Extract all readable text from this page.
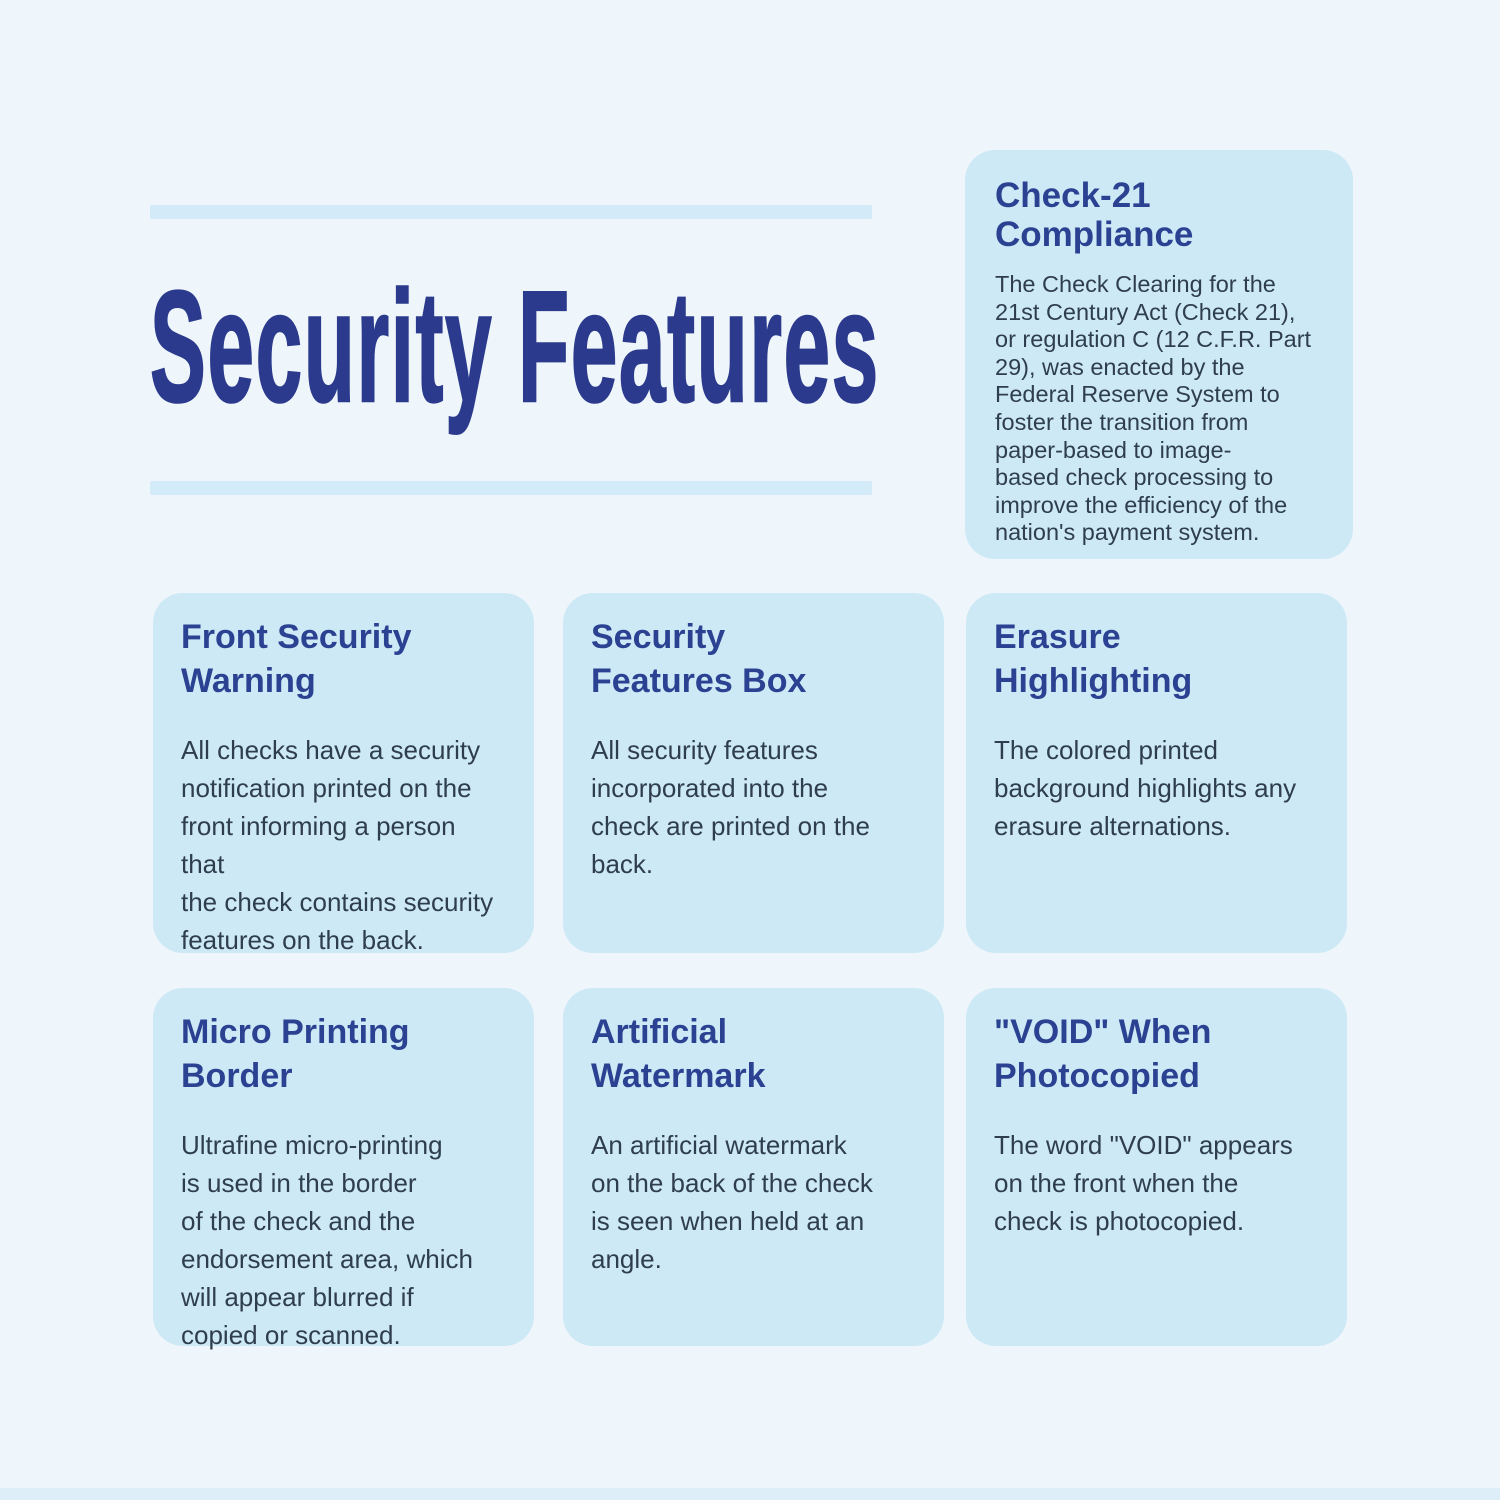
Security Features
Check-21
Compliance

The Check Clearing for the
21st Century Act (Check 21),
or regulation C (12 C.F.R. Part
29), was enacted by the
Federal Reserve System to
foster the transition from
paper-based to image-
based check processing to
improve the efficiency of the
nation's payment system.

Front Security
Warning

All checks have a security
notification printed on the
front informing a person that
the check contains security
features on the back.

Security
Features Box

All security features
incorporated into the
check are printed on the
back.

Erasure
Highlighting

The colored printed
background highlights any
erasure alternations.

Micro Printing
Border

Ultrafine micro-printing
is used in the border
of the check and the
endorsement area, which
will appear blurred if
copied or scanned.

Artificial
Watermark

An artificial watermark
on the back of the check
is seen when held at an
angle.

"VOID" When
Photocopied

The word "VOID" appears
on the front when the
check is photocopied.
